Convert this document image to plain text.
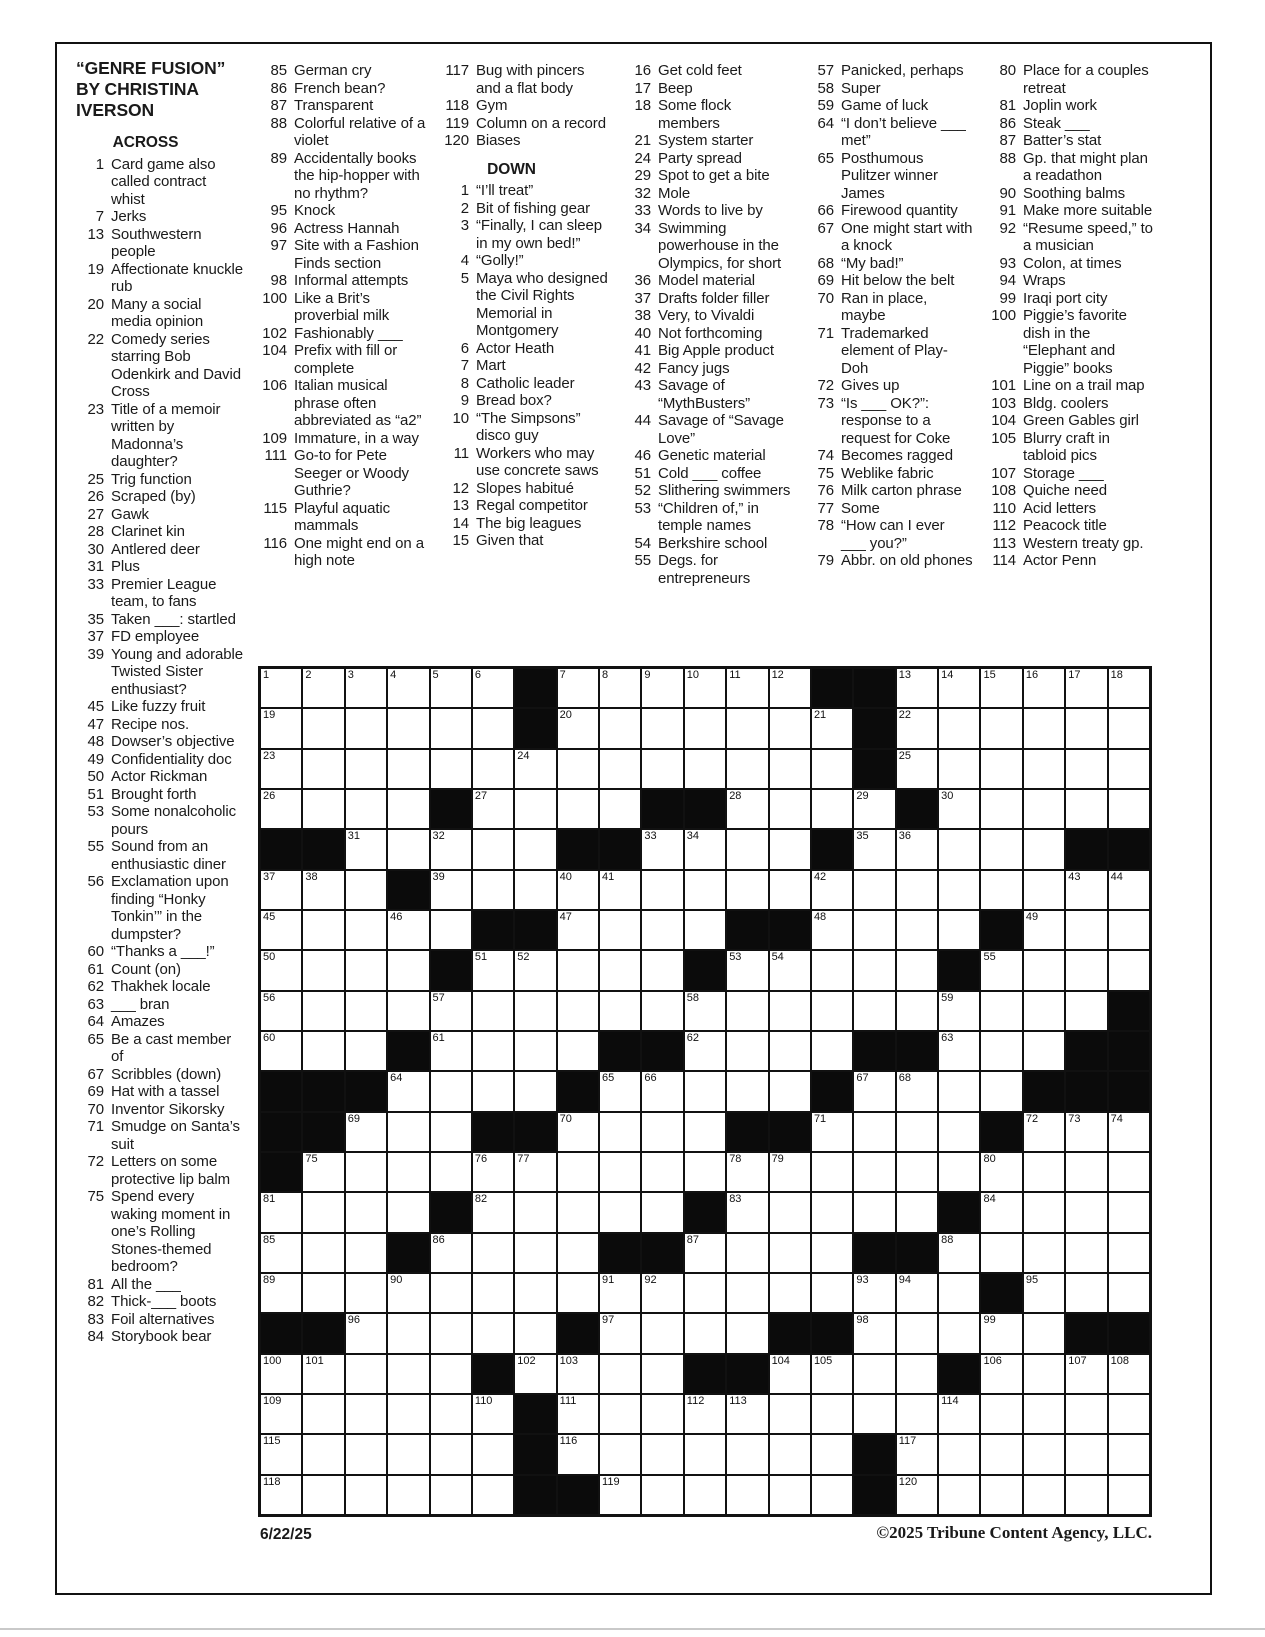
“GENRE FUSION”
BY CHRISTINA
IVERSON
ACROSS
1 Card game also called contract whist
7 Jerks
13 Southwestern people
19 Affectionate knuckle rub
20 Many a social media opinion
22 Comedy series starring Bob Odenkirk and David Cross
23 Title of a memoir written by Madonna’s daughter?
25 Trig function
26 Scraped (by)
27 Gawk
28 Clarinet kin
30 Antlered deer
31 Plus
33 Premier League team, to fans
35 Taken ___: startled
37 FD employee
39 Young and adorable Twisted Sister enthusiast?
45 Like fuzzy fruit
47 Recipe nos.
48 Dowser’s objective
49 Confidentiality doc
50 Actor Rickman
51 Brought forth
53 Some nonalcoholic pours
55 Sound from an enthusiastic diner
56 Exclamation upon finding “Honky Tonkin’” in the dumpster?
60 “Thanks a ___!”
61 Count (on)
62 Thakhek locale
63 ___ bran
64 Amazes
65 Be a cast member of
67 Scribbles (down)
69 Hat with a tassel
70 Inventor Sikorsky
71 Smudge on Santa’s suit
72 Letters on some protective lip balm
75 Spend every waking moment in one’s Rolling Stones-themed bedroom?
81 All the ___
82 Thick-___ boots
83 Foil alternatives
84 Storybook bear
85 German cry
86 French bean?
87 Transparent
88 Colorful relative of a violet
89 Accidentally books the hip-hopper with no rhythm?
95 Knock
96 Actress Hannah
97 Site with a Fashion Finds section
98 Informal attempts
100 Like a Brit’s proverbial milk
102 Fashionably ___
104 Prefix with fill or complete
106 Italian musical phrase often abbreviated as “a2”
109 Immature, in a way
111 Go-to for Pete Seeger or Woody Guthrie?
115 Playful aquatic mammals
116 One might end on a high note
117 Bug with pincers and a flat body
118 Gym
119 Column on a record
120 Biases
DOWN
1 “I’ll treat”
2 Bit of fishing gear
3 “Finally, I can sleep in my own bed!”
4 “Golly!”
5 Maya who designed the Civil Rights Memorial in Montgomery
6 Actor Heath
7 Mart
8 Catholic leader
9 Bread box?
10 “The Simpsons” disco guy
11 Workers who may use concrete saws
12 Slopes habitué
13 Regal competitor
14 The big leagues
15 Given that
16 Get cold feet
17 Beep
18 Some flock members
21 System starter
24 Party spread
29 Spot to get a bite
32 Mole
33 Words to live by
34 Swimming powerhouse in the Olympics, for short
36 Model material
37 Drafts folder filler
38 Very, to Vivaldi
40 Not forthcoming
41 Big Apple product
42 Fancy jugs
43 Savage of “MythBusters”
44 Savage of “Savage Love”
46 Genetic material
51 Cold ___ coffee
52 Slithering swimmers
53 “Children of,” in temple names
54 Berkshire school
55 Degs. for entrepreneurs
57 Panicked, perhaps
58 Super
59 Game of luck
64 “I don’t believe ___ met”
65 Posthumous Pulitzer winner James
66 Firewood quantity
67 One might start with a knock
68 “My bad!”
69 Hit below the belt
70 Ran in place, maybe
71 Trademarked element of Play-Doh
72 Gives up
73 “Is ___ OK?”: response to a request for Coke
74 Becomes ragged
75 Weblike fabric
76 Milk carton phrase
77 Some
78 “How can I ever ___ you?”
79 Abbr. on old phones
80 Place for a couples retreat
81 Joplin work
86 Steak ___
87 Batter’s stat
88 Gp. that might plan a readathon
90 Soothing balms
91 Make more suitable
92 “Resume speed,” to a musician
93 Colon, at times
94 Wraps
99 Iraqi port city
100 Piggie’s favorite dish in the “Elephant and Piggie” books
101 Line on a trail map
103 Bldg. coolers
104 Green Gables girl
105 Blurry craft in tabloid pics
107 Storage ___
108 Quiche need
110 Acid letters
112 Peacock title
113 Western treaty gp.
114 Actor Penn
1	2	3	4	5	6	7	8	9	10	11	12	13	14	15	16	17	18
19	20	21	22
23	24	25
26	27	28	29	30
31	32	33	34	35	36
37	38	39	40	41	42	43	44
45	46	47	48	49
50	51	52	53	54	55
56	57	58	59
60	61	62	63
64	65	66	67	68
69	70	71	72	73	74
75	76	77	78	79	80
81	82	83	84
85	86	87	88
89	90	91	92	93	94	95
96	97	98	99
100 101	102 103	104 105	106	107 108
109	110	111	112 113	114
115	116	117
118	119	120
6/22/25	©2025 Tribune Content Agency, LLC.
